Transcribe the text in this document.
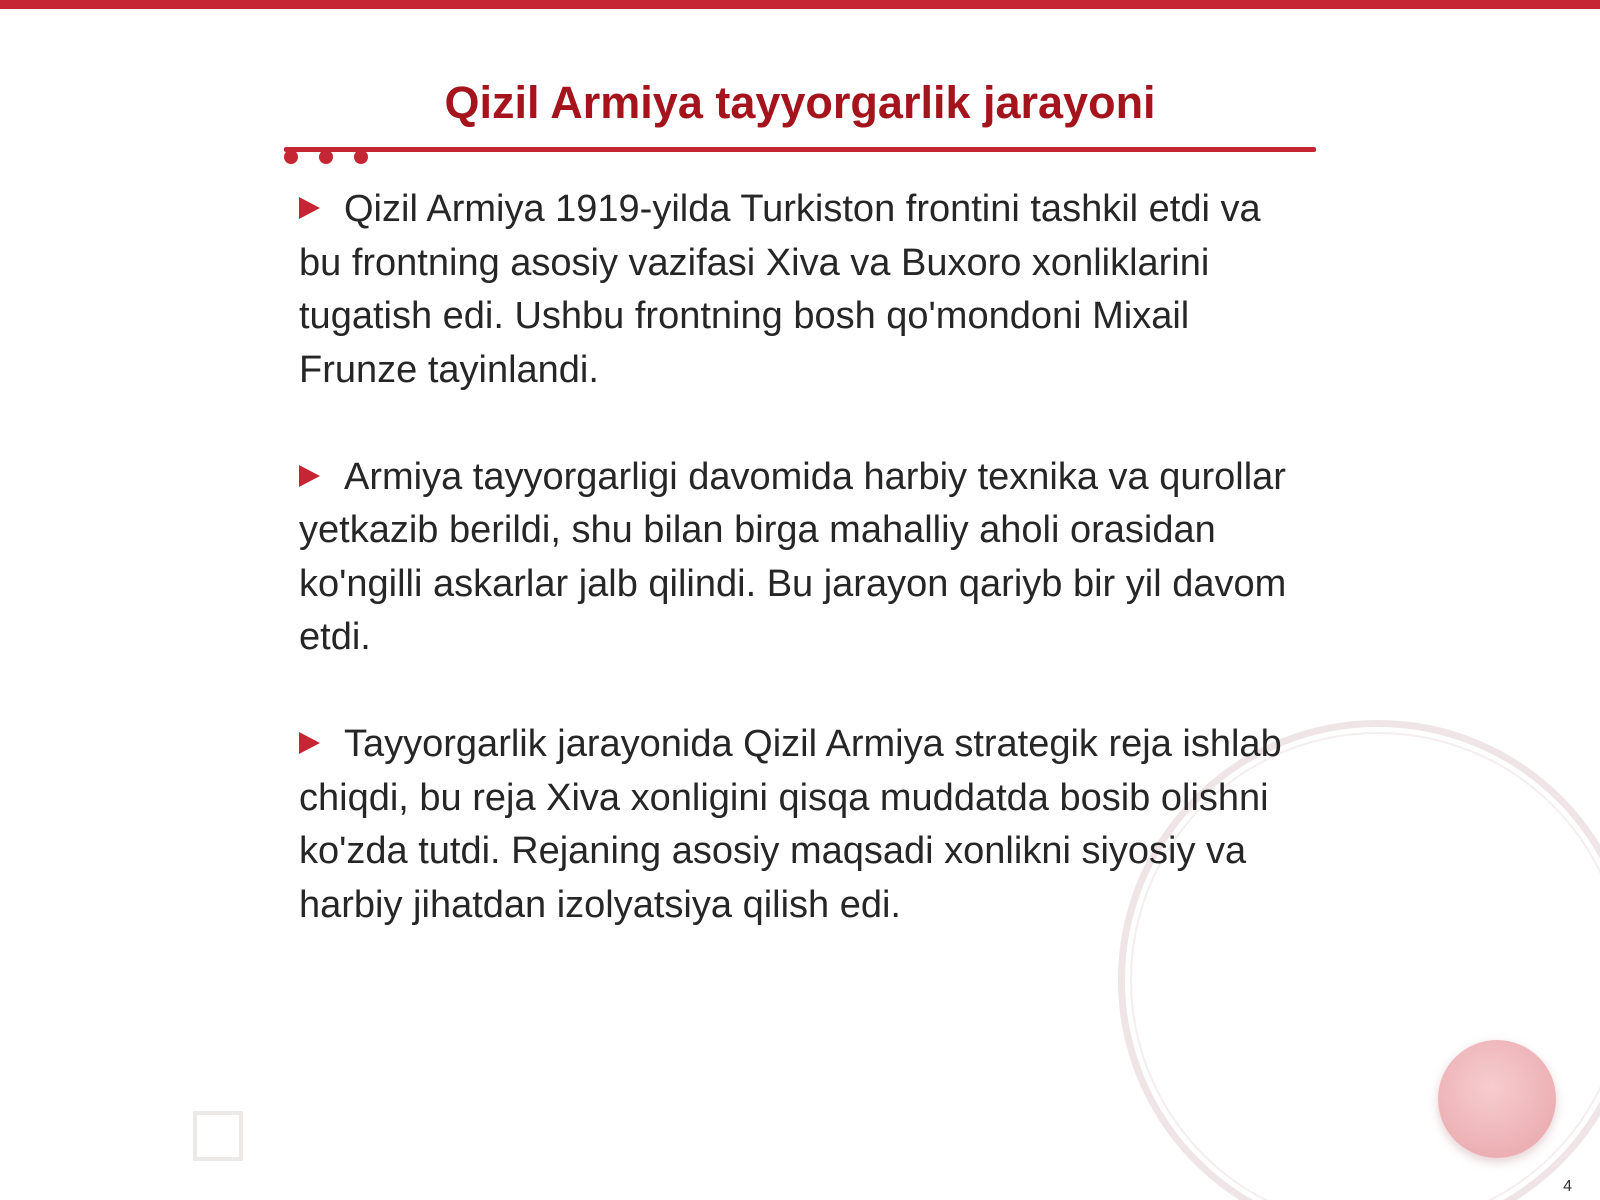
Qizil Armiya tayyorgarlik jarayoni
Qizil Armiya 1919-yilda Turkiston frontini tashkil etdi va bu frontning asosiy vazifasi Xiva va Buxoro xonliklarini tugatish edi. Ushbu frontning bosh qo'mondoni Mixail Frunze tayinlandi.
Armiya tayyorgarligi davomida harbiy texnika va qurollar yetkazib berildi, shu bilan birga mahalliy aholi orasidan ko'ngilli askarlar jalb qilindi. Bu jarayon qariyb bir yil davom etdi.
Tayyorgarlik jarayonida Qizil Armiya strategik reja ishlab chiqdi, bu reja Xiva xonligini qisqa muddatda bosib olishni ko'zda tutdi. Rejaning asosiy maqsadi xonlikni siyosiy va harbiy jihatdan izolyatsiya qilish edi.
4
